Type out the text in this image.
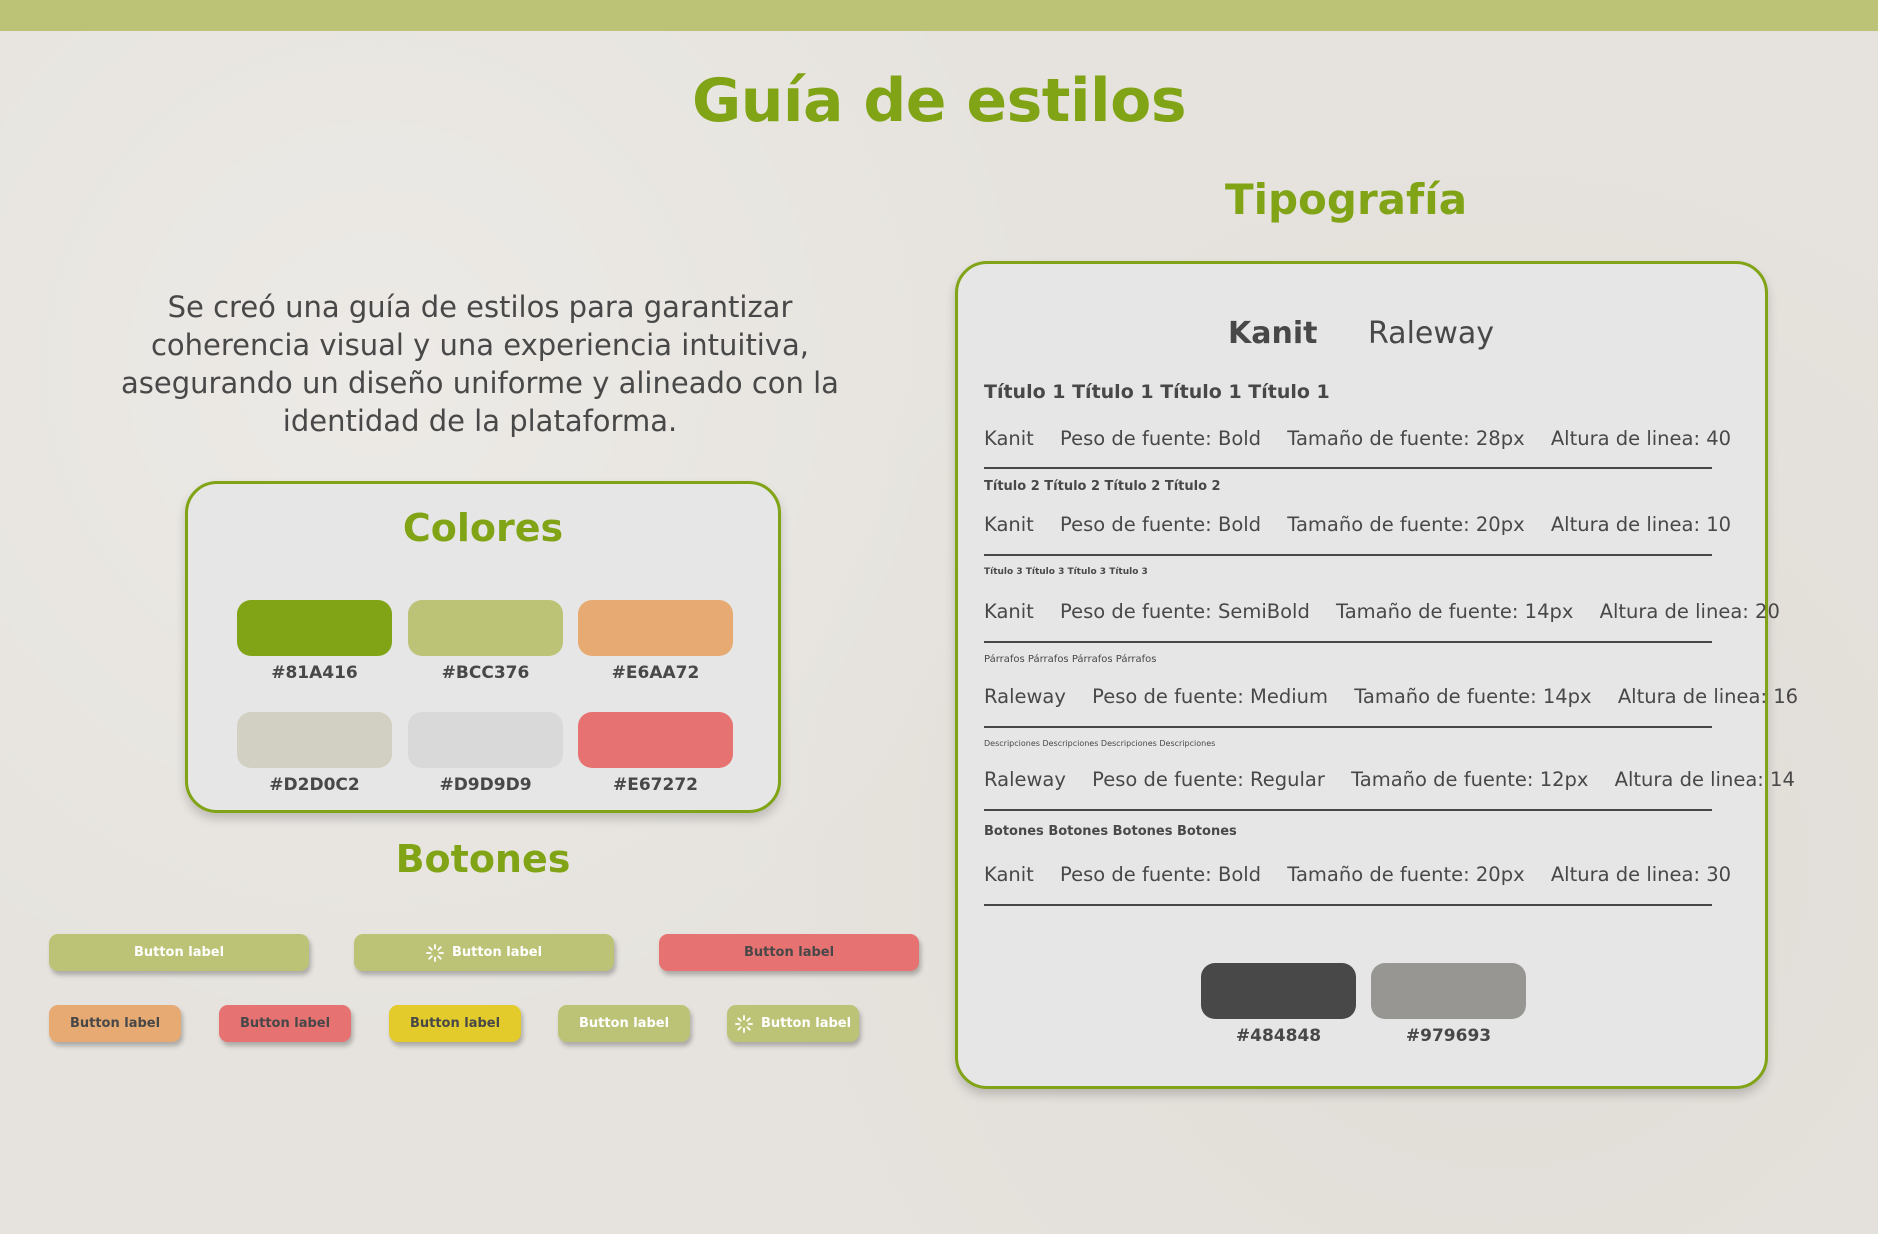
Guía de estilos

Se creó una guía de estilos para garantizar coherencia visual y una experiencia intuitiva, asegurando un diseño uniforme y alineado con la identidad de la plataforma.

Colores
#81A416	#BCC376	#E6AA72
#D2D0C2	#D9D9D9	#E67272
Botones
Button label	Button label	Button label
Button label	Button label	Button label	Button label	Button label
Tipografía
Kanit Raleway
Título 1 Título 1 Título 1 Título 1
Kanit Peso de fuente: Bold Tamaño de fuente: 28px Altura de linea: 40
Título 2 Título 2 Título 2 Título 2
Kanit Peso de fuente: Bold Tamaño de fuente: 20px Altura de linea: 10
Título 3 Título 3 Título 3 Título 3
Kanit Peso de fuente: SemiBold Tamaño de fuente: 14px Altura de linea: 20
Párrafos Párrafos Párrafos Párrafos
Raleway Peso de fuente: Medium Tamaño de fuente: 14px Altura de linea: 16
Descripciones Descripciones Descripciones Descripciones
Raleway Peso de fuente: Regular Tamaño de fuente: 12px Altura de linea: 14
Botones Botones Botones Botones
Kanit Peso de fuente: Bold Tamaño de fuente: 20px Altura de linea: 30
#484848	#979693
